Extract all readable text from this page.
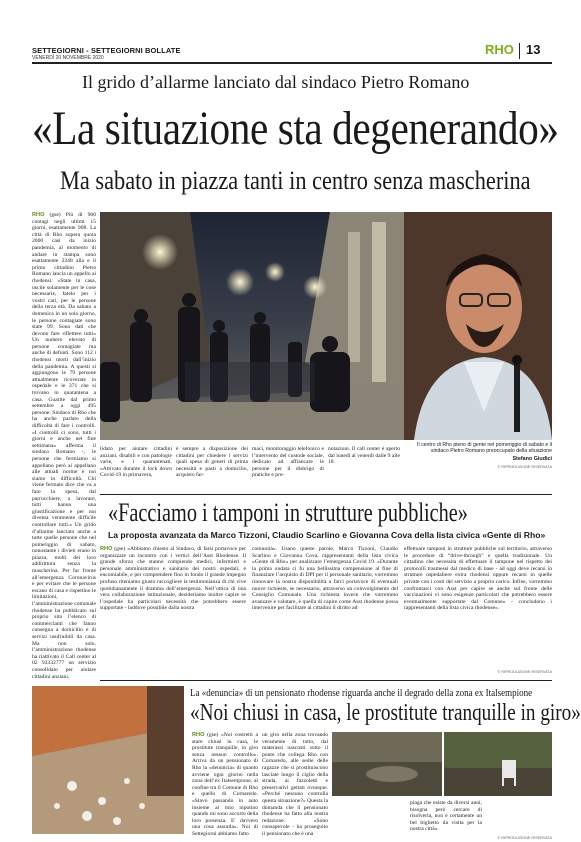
SETTEGIORNI - SETTEGIORNI BOLLATE
VENERDÌ 20 NOVEMBRE 2020
RHO 13
Il grido d’allarme lanciato dal sindaco Pietro Romano
«La situazione sta degenerando»
Ma sabato in piazza tanti in centro senza mascherina
RHO (gse) Più di 900 contagi negli ultimi 15 giorni, esattamente 908. La città di Rho supera quota 2000 casi da inizio pandemia, al momento di andare in stampa sono esattamente 2248 alla e il primo cittadino Pietro Romano lancia un appello ai rhodensi: «State in casa, uscite solamente per le cose necessarie, fatelo per i vostri cari, per le persone della terza età. Da sabato a domenica in un solo giorno, le persone contagiate sono state 99. Sono dati che devono fare riflettere tutti» Un numero elevato di persone contagiate ma anche di defunti. Sono 112 i rhodensi morti dall’inizio della pandemia. A questi si aggiungono le 79 persone attualmente ricoverate in ospedale e le 371 che si trovano in quarantena a casa. Guarite dal primo settembre a oggi 495 persone. Sindaco di Rho che ha anche parlato della difficoltà di fare i controlli. «I controlli ci sono, tutti i giorni e anche nel fine settimana» afferma il sindaco Romano -, le persone che fermiamo si appellano però ai appellano alle attuali norme e noi siamo in difficoltà. Chi viene fermato dice che va a fare la spesa, dal parrucchiere, a lavorare, tutti hanno una giustificazione e per noi diventa veramente difficile controllare tutti.» Un grido d’allarme lanciato anche a tutte quelle persone che nel pomeriggio di sabato, nonostante i divieti erano in piazza, molti dei loro addirittura senza la mascherina. Per far fronte all’emergenza Coronavirus e per evitare che le persone escano di casa e rispettino le limitazioni, l’amministrazione comunale rhodense ha pubblicato sul proprio sito l’elenco di commercianti che fanno consegna a domicilio e di servizi usufruibili da casa. Ma non solo, l’amministrazione rhodense ha riattivato il Call center al 02 93332777 un servizio consolidato per aiutare cittadini anziani,
Il centro di Rho pieno di gente nel pomeriggio di sabato e il sindaco Pietro Romano preoccupato della situazione
Stefano Giudici
© RIPRODUZIONE RISERVATA
lidato per aiutare cittadini anziani, disabili e con patologie varie, e i quarantenati. «Attivato durante il lock down Covid-19 in primavera,
è sempre a disposizione dei cittadini per chiedere i servizi quali spesa di generi di prima necessità e pasti a domicilio, acquisto far-
maci, monitoraggio telefonico e l’intervento del custode sociale, dedicato ad affiancare le persone per il disbrigo di pratiche e pre-
notazioni. Il call center è aperto dal lunedì al venerdì dalle 9 alle 18.
«Facciamo i tamponi in strutture pubbliche»
La proposta avanzata da Marco Tizzoni, Claudio Scarlino e Giovanna Cova della lista civica «Gente di Rho»
RHO (gse) «Abbiamo chiesto al Sindaco, di farsi portavoce per organizzare un incontro con i vertici dell’Asst Rhodense. Il grande sforzo che stanno compiendo medici, infermieri e personale amministrativo e sanitario dei nostri ospedali, è encomiabile, e per comprendere fino in fondo il grande impegno profuso riteniamo giusto raccogliere la testimonianza di chi vive quotidianamente il dramma dell’emergenza. Nell’ottica di una vera collaborazione istituzionale, desideriamo inoltre capire se l’ospedale ha particolari necessità che potrebbero essere supportate - laddove possibile dalla nostra
comunità». Usano queste parole, Marco Tizzoni, Claudio Scarlino e Giovanna Cova, rappresentanti della lista civica «Gente di Rho» per analizzare l’emergenza Covid 19. «Durante la prima ondata ci fu una bellissima compensione al fine di finanziare l’acquisto di DPI per il personale sanitario, vorremmo rinnovare la nostra disponibilità a farci portavoce di eventuali nuove richieste, se necessario, attraverso un coinvolgimento del Consiglio Comunale. Una richiesta invece che vorremmo avanzare e valutare, è quella di capire come Asst rhodense possa intervenire per facilitare ai cittadini il diritto ad
effettuare tamponi in strutture pubbliche sul territorio, attraverso le procedure di “drive-through” e quella tradizionale. Un cittadino che necessita di effettuare il tampone nel rispetto dei protocolli trasmessi dal medico di base - ad oggi deve recarsi in strutture ospedaliere extra rhodensi oppure recarsi in quelle private con i costi del servizio a proprio carico. Infine, vorremmo confrontarci con Asst per capire se anche sul fronte delle vaccinazioni vi sono esigenze particolari che potrebbero essere eventualmente supportate dal Comune» - concludono i rappresentanti della lista civica rhodense».
© RIPRODUZIONE RISERVATA
La «denuncia» di un pensionato rhodense riguarda anche il degrado della zona ex Italsempione
«Noi chiusi in casa, le prostitute tranquille in giro»
RHO (gse) «Noi costretti a stare chiusi in casa, le prostitute tranquille, in giro senza nessun controllo». Arriva da un pensionato di Rho la «denuncia» di quanto avviene ogni giorno nella zona dell’ex Italsempione, al confine tra il Comune di Rho e quello di Cornaredo. «Stavo passando in auto insieme al mio nipotino quando mi sono accorto della loro presenza. E' davvero una cosa assurda». Noi di Settegiorni abbiamo fatto
un giro nella zona trovando veramente di tutto, dal materassi nascosti sotto il ponte che collega Rho con Cornaredo, alle sedie delle ragazze che si prostituiscono lasciate lungo il ciglio della strada, ai fazzoletti e preservativi gettati ovunque. «Perché nessuno controlla questa situazione?» Questa la domanda che il pensionato rhodense ha fatto alla nostra redazione. «Sono consapevole - ha proseguito il pensionato che è una
piaga che esiste da diversi anni, bisogna però cercare di risolverla, non è certamente un bel biglietto da visita per la nostra città».
© RIPRODUZIONE RISERVATA
